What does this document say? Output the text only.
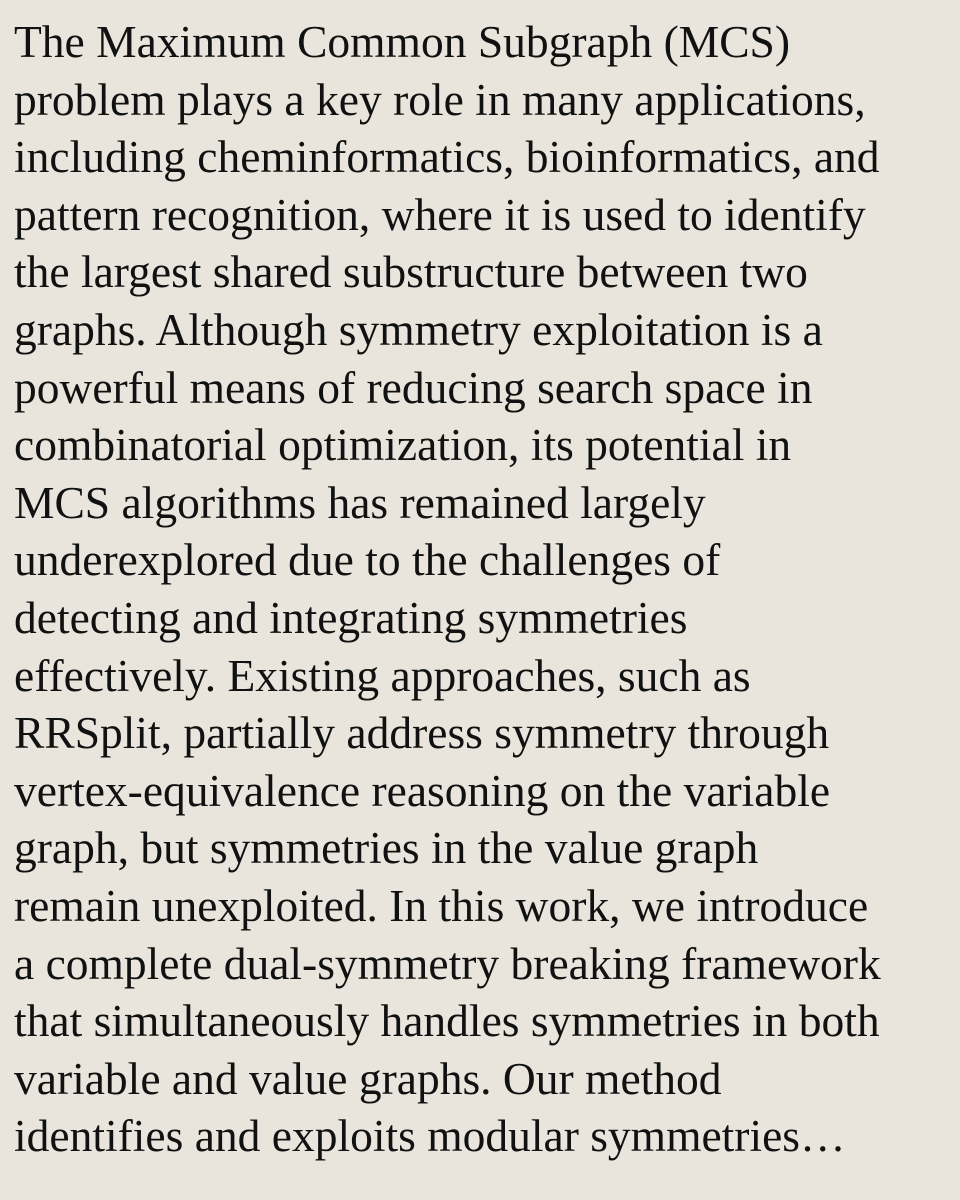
The Maximum Common Subgraph (MCS)
problem plays a key role in many applications,
including cheminformatics, bioinformatics, and
pattern recognition, where it is used to identify
the largest shared substructure between two
graphs. Although symmetry exploitation is a
powerful means of reducing search space in
combinatorial optimization, its potential in
MCS algorithms has remained largely
underexplored due to the challenges of
detecting and integrating symmetries
effectively. Existing approaches, such as
RRSplit, partially address symmetry through
vertex-equivalence reasoning on the variable
graph, but symmetries in the value graph
remain unexploited. In this work, we introduce
a complete dual-symmetry breaking framework
that simultaneously handles symmetries in both
variable and value graphs. Our method
identifies and exploits modular symmetries…
